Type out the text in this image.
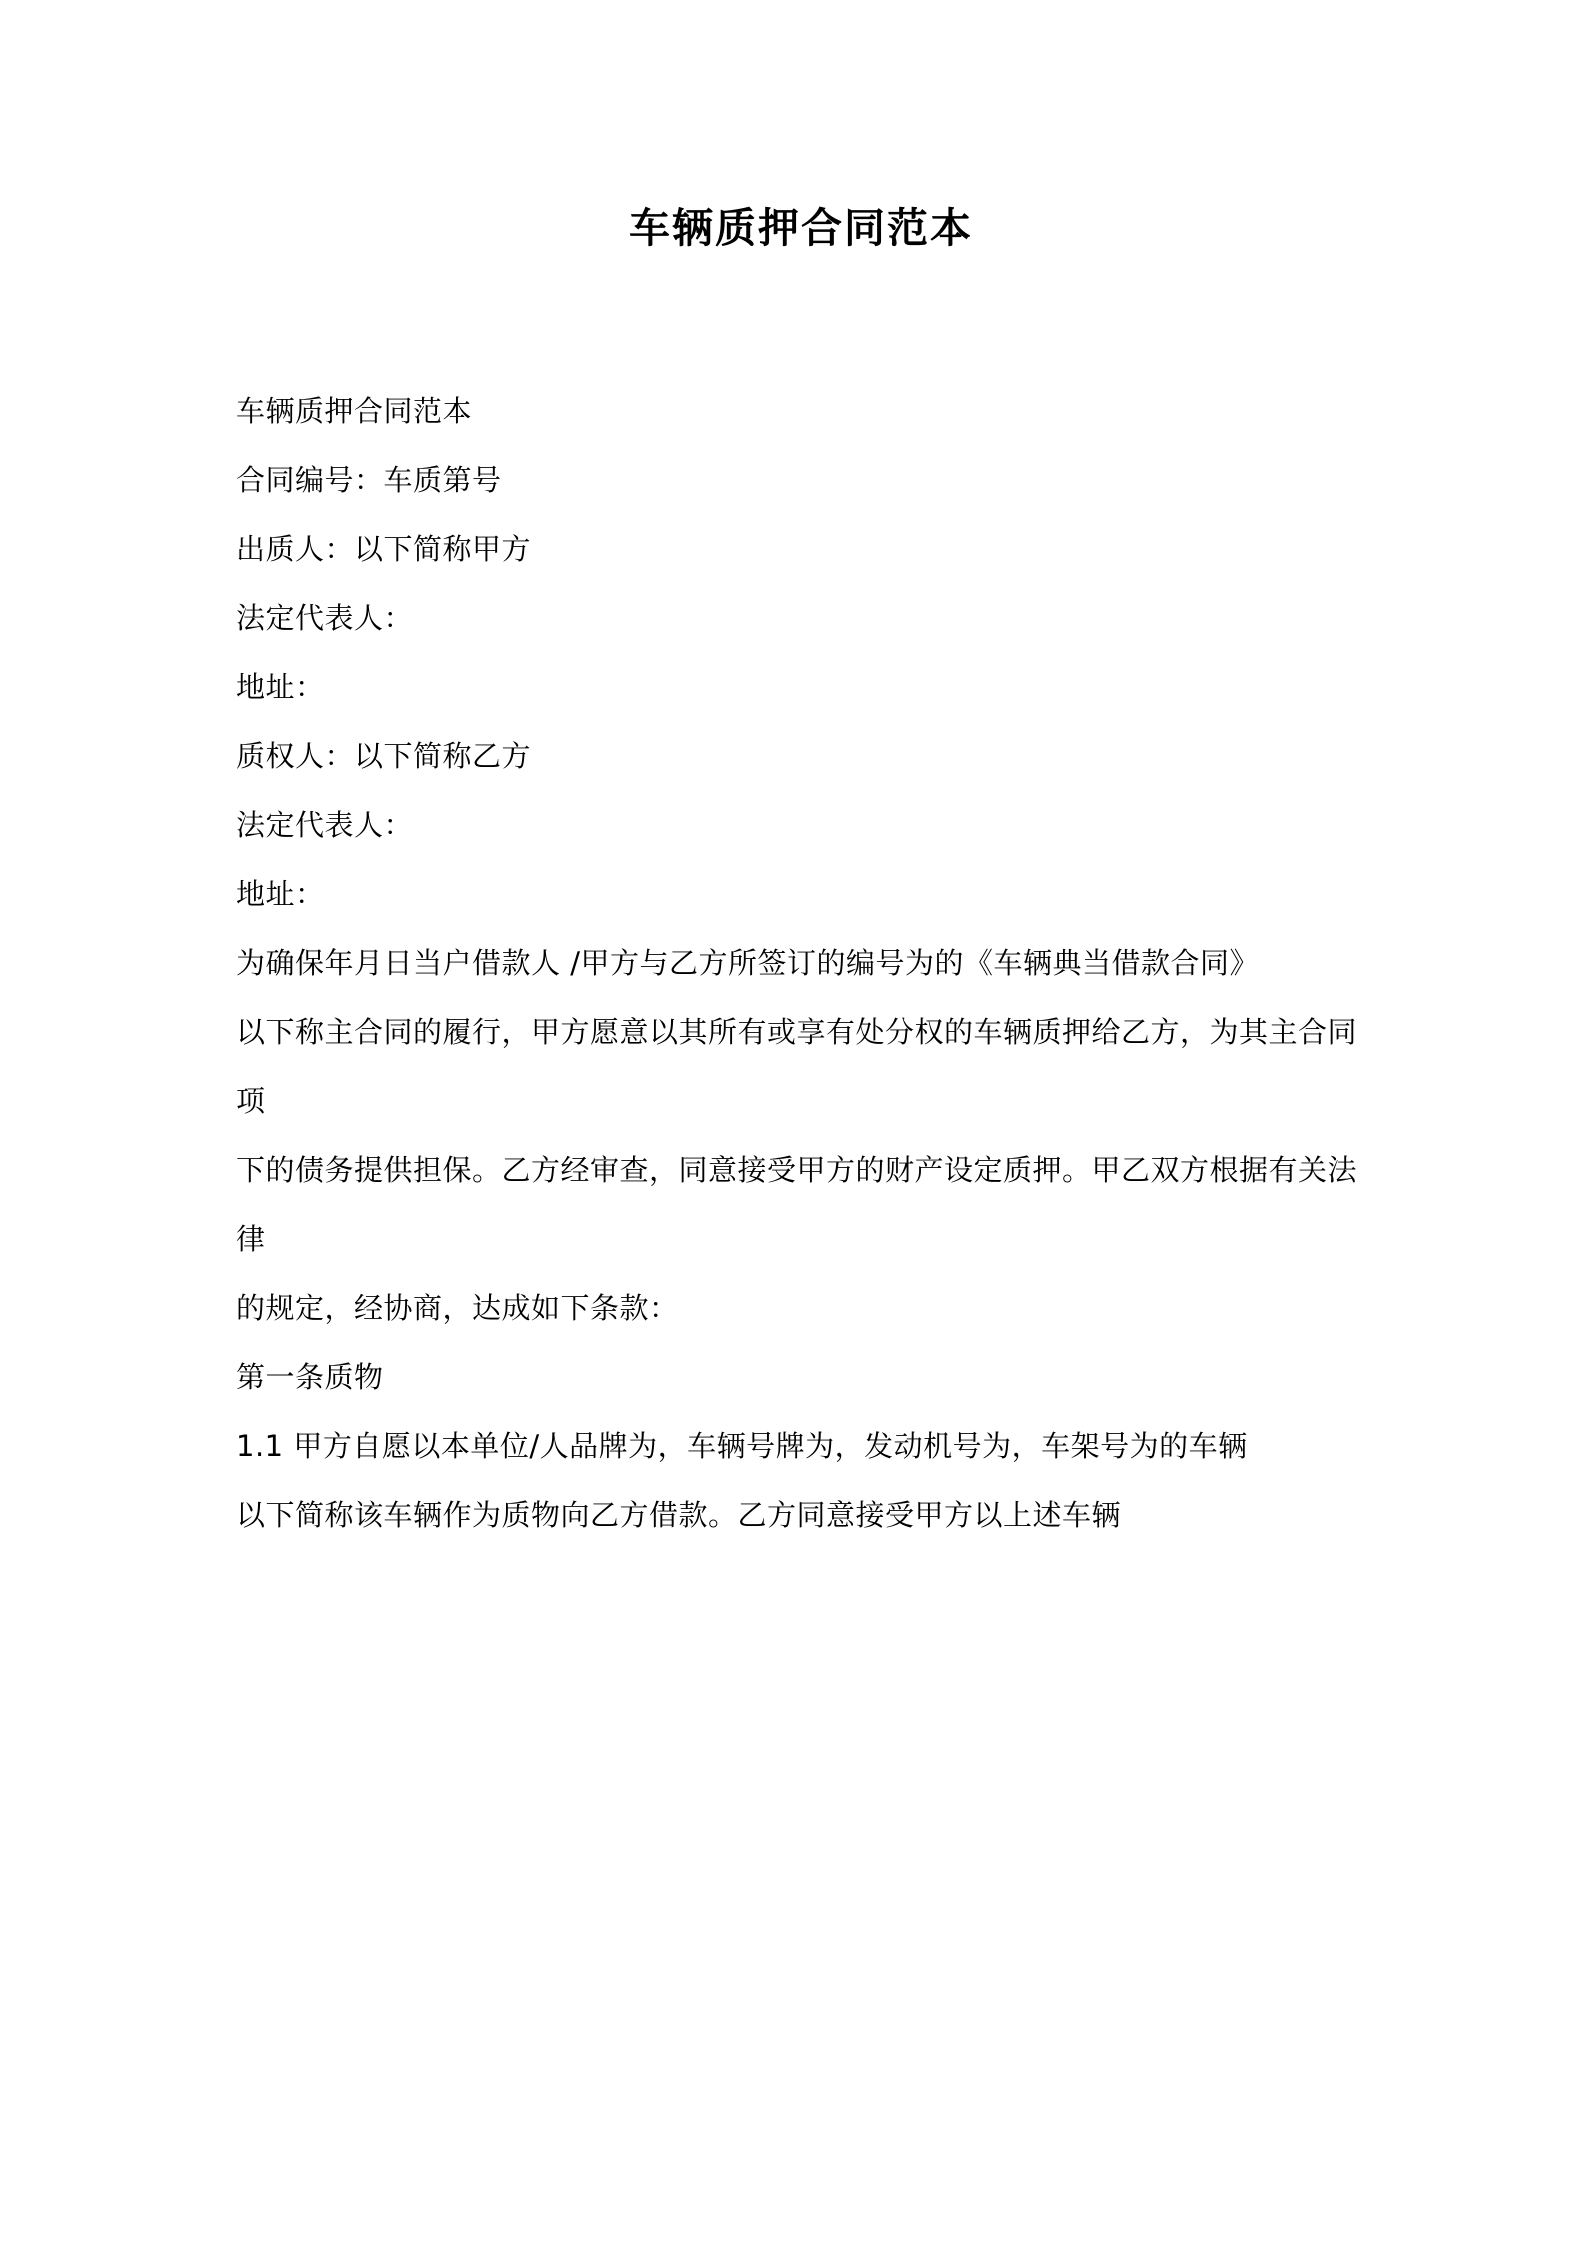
车辆质押合同范本

车辆质押合同范本

合同编号：车质第号

出质人：以下简称甲方

法定代表人：

地址：

质权人：以下简称乙方

法定代表人：

地址：

为确保年月日当户借款人 /甲方与乙方所签订的编号为的《车辆典当借款合同》

以下称主合同的履行，甲方愿意以其所有或享有处分权的车辆质押给乙方，为其主合同项

下的债务提供担保。乙方经审查，同意接受甲方的财产设定质押。甲乙双方根据有关法律

的规定，经协商，达成如下条款：

第一条质物

1.1 甲方自愿以本单位/人品牌为，车辆号牌为，发动机号为，车架号为的车辆

以下简称该车辆作为质物向乙方借款。乙方同意接受甲方以上述车辆
